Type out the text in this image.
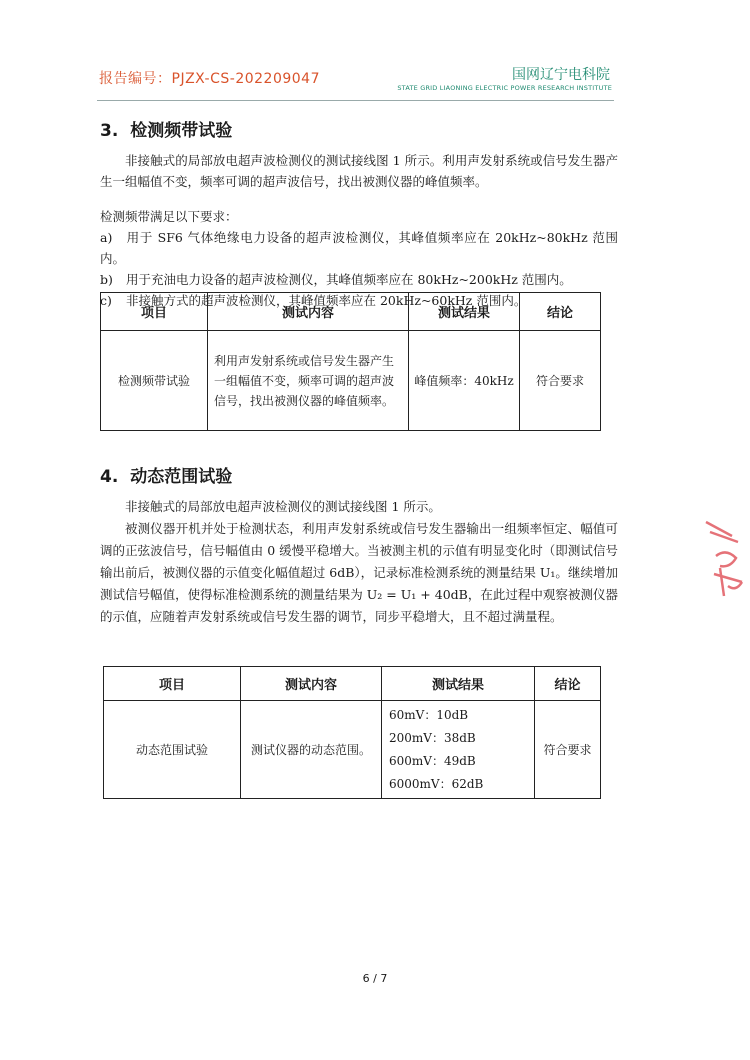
报告编号：PJZX-CS-202209047	国网辽宁电科院
STATE GRID LIAONING ELECTRIC POWER RESEARCH INSTITUTE
3. 检测频带试验
非接触式的局部放电超声波检测仪的测试接线图 1 所示。利用声发射系统或信号发生器产生一组幅值不变，频率可调的超声波信号，找出被测仪器的峰值频率。
检测频带满足以下要求：
a) 用于 SF6 气体绝缘电力设备的超声波检测仪，其峰值频率应在 20kHz~80kHz 范围内。
b) 用于充油电力设备的超声波检测仪，其峰值频率应在 80kHz~200kHz 范围内。
c) 非接触方式的超声波检测仪，其峰值频率应在 20kHz~60kHz 范围内。
项目	测试内容	测试结果	结论
检测频带试验	利用声发射系统或信号发生器产生一组幅值不变，频率可调的超声波信号，找出被测仪器的峰值频率。	峰值频率：40kHz	符合要求
4. 动态范围试验
非接触式的局部放电超声波检测仪的测试接线图 1 所示。
被测仪器开机并处于检测状态，利用声发射系统或信号发生器输出一组频率恒定、幅值可调的正弦波信号，信号幅值由 0 缓慢平稳增大。当被测主机的示值有明显变化时（即测试信号输出前后，被测仪器的示值变化幅值超过 6dB），记录标准检测系统的测量结果 U₁。继续增加测试信号幅值，使得标准检测系统的测量结果为 U₂ = U₁ + 40dB，在此过程中观察被测仪器的示值，应随着声发射系统或信号发生器的调节，同步平稳增大，且不超过满量程。
项目	测试内容	测试结果	结论
动态范围试验	测试仪器的动态范围。	60mV：10dB
200mV：38dB
600mV：49dB
6000mV：62dB	符合要求
6 / 7
